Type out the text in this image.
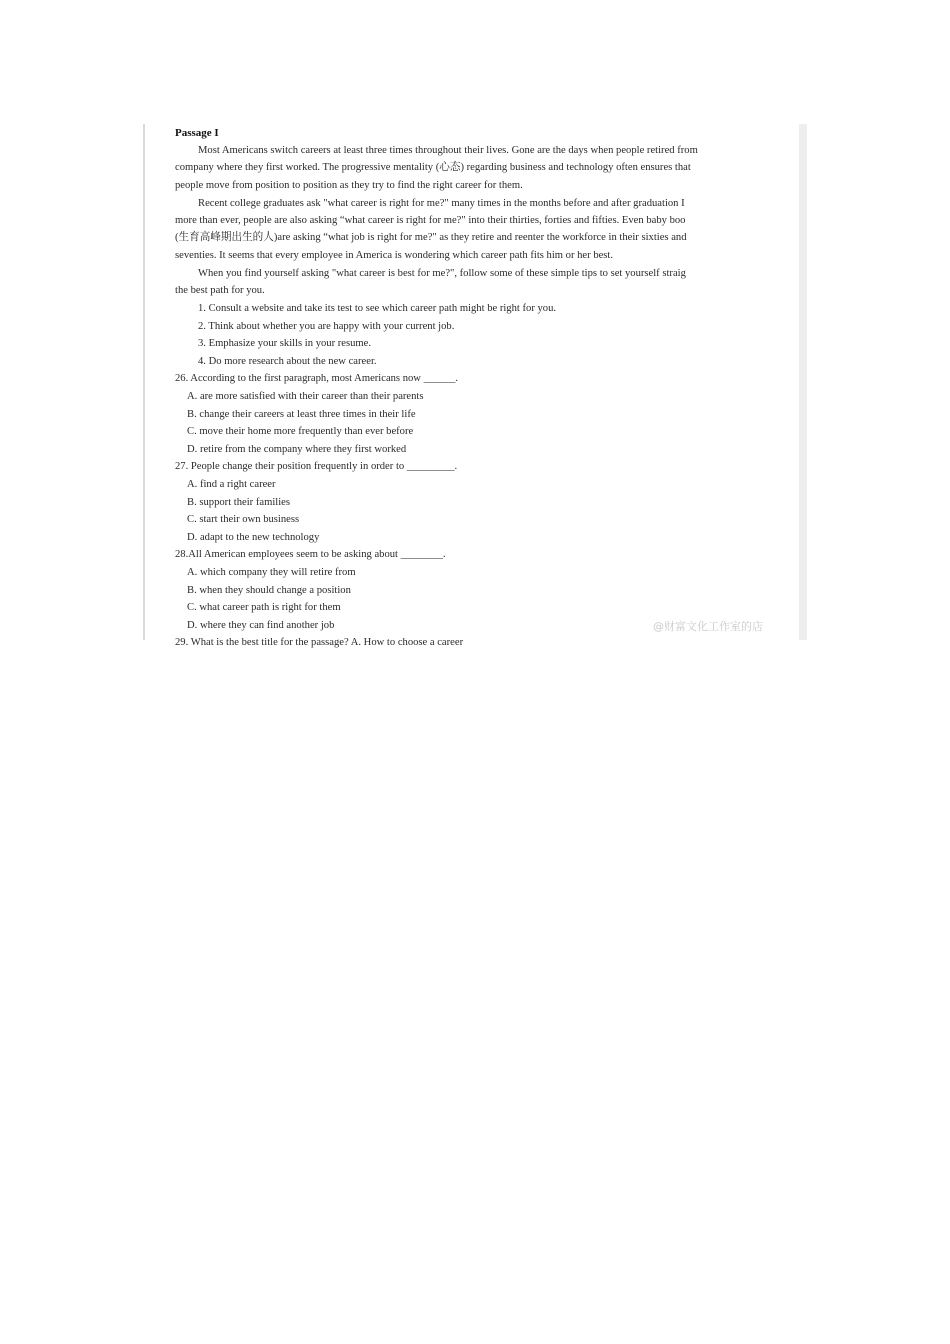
Passage I
Most Americans switch careers at least three times throughout their lives. Gone are the days when people retired from
company where they first worked. The progressive mentality (心态) regarding business and technology often ensures that
people move from position to position as they try to find the right career for them.
Recent college graduates ask "what career is right for me?" many times in the months before and after graduation I
more than ever, people are also asking “what career is right for me?" into their thirties, forties and fifties. Even baby boo
(生育高峰期出生的人)are asking “what job is right for me?" as they retire and reenter the workforce in their sixties and
seventies. It seems that every employee in America is wondering which career path fits him or her best.
When you find yourself asking "what career is best for me?", follow some of these simple tips to set yourself straig
the best path for you.
1. Consult a website and take its test to see which career path might be right for you.
2. Think about whether you are happy with your current job.
3. Emphasize your skills in your resume.
4. Do more research about the new career.
26. According to the first paragraph, most Americans now ______.
A. are more satisfied with their career than their parents
B. change their careers at least three times in their life
C. move their home more frequently than ever before
D. retire from the company where they first worked
27. People change their position frequently in order to _________.
A. find a right career
B. support their families
C. start their own business
D. adapt to the new technology
28.All American employees seem to be asking about ________.
A. which company they will retire from
B. when they should change a position
C. what career path is right for them
D. where they can find another job	@财富文化工作室的店
29. What is the best title for the passage? A. How to choose a career
